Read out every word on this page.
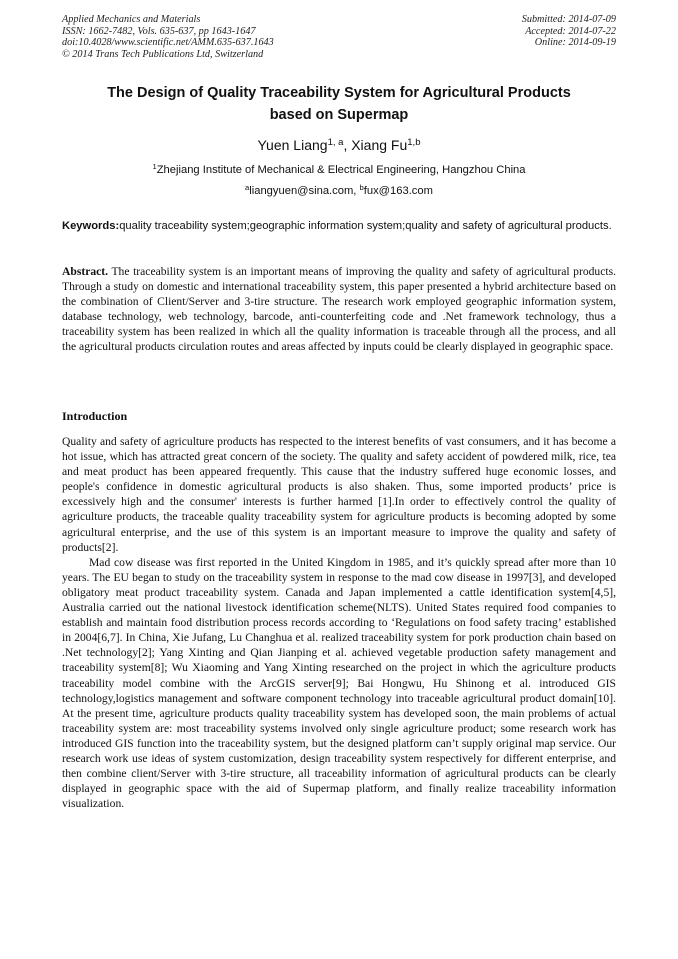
Applied Mechanics and Materials
ISSN: 1662-7482, Vols. 635-637, pp 1643-1647
doi:10.4028/www.scientific.net/AMM.635-637.1643
© 2014 Trans Tech Publications Ltd, Switzerland
Submitted: 2014-07-09
Accepted: 2014-07-22
Online: 2014-09-19
The Design of Quality Traceability System for Agricultural Products
based on Supermap
Yuen Liang$^{1, a}$, Xiang Fu$^{1,b}$
$^1$Zhejiang Institute of Mechanical & Electrical Engineering, Hangzhou China
$^a$liangyuen@sina.com, $^b$fux@163.com
Keywords:quality traceability system;geographic information system;quality and safety of agricultural products.
Abstract. The traceability system is an important means of improving the quality and safety of agricultural products. Through a study on domestic and international traceability system, this paper presented a hybrid architecture based on the combination of Client/Server and 3-tire structure. The research work employed geographic information system, database technology, web technology, barcode, anti-counterfeiting code and .Net framework technology, thus a traceability system has been realized in which all the quality information is traceable through all the process, and all the agricultural products circulation routes and areas affected by inputs could be clearly displayed in geographic space.
Introduction

Quality and safety of agriculture products has respected to the interest benefits of vast consumers, and it has become a hot issue, which has attracted great concern of the society. The quality and safety accident of powdered milk, rice, tea and meat product has been appeared frequently. This cause that the industry suffered huge economic losses, and people's confidence in domestic agricultural products is also shaken. Thus, some imported products’ price is excessively high and the consumer' interests is further harmed [1].In order to effectively control the quality of agriculture products, the traceable quality traceability system for agriculture products is becoming adopted by some agricultural enterprise, and the use of this system is an important measure to improve the quality and safety of products[2].

Mad cow disease was first reported in the United Kingdom in 1985, and it’s quickly spread after more than 10 years. The EU began to study on the traceability system in response to the mad cow disease in 1997[3], and developed obligatory meat product traceability system. Canada and Japan implemented a cattle identification system[4,5], Australia carried out the national livestock identification scheme(NLTS). United States required food companies to establish and maintain food distribution process records according to ‘Regulations on food safety tracing’ established in 2004[6,7]. In China, Xie Jufang, Lu Changhua et al. realized traceability system for pork production chain based on .Net technology[2]; Yang Xinting and Qian Jianping et al. achieved vegetable production safety management and traceability system[8]; Wu Xiaoming and Yang Xinting researched on the project in which the agriculture products traceability model combine with the ArcGIS server[9]; Bai Hongwu, Hu Shinong et al. introduced GIS technology,logistics management and software component technology into traceable agricultural product domain[10]. At the present time, agriculture products quality traceability system has developed soon, the main problems of actual traceability system are: most traceability systems involved only single agriculture product; some research work has introduced GIS function into the traceability system, but the designed platform can’t supply original map service. Our research work use ideas of system customization, design traceability system respectively for different enterprise, and then combine client/Server with 3-tire structure, all traceability information of agricultural products can be clearly displayed in geographic space with the aid of Supermap platform, and finally realize traceability information visualization.
